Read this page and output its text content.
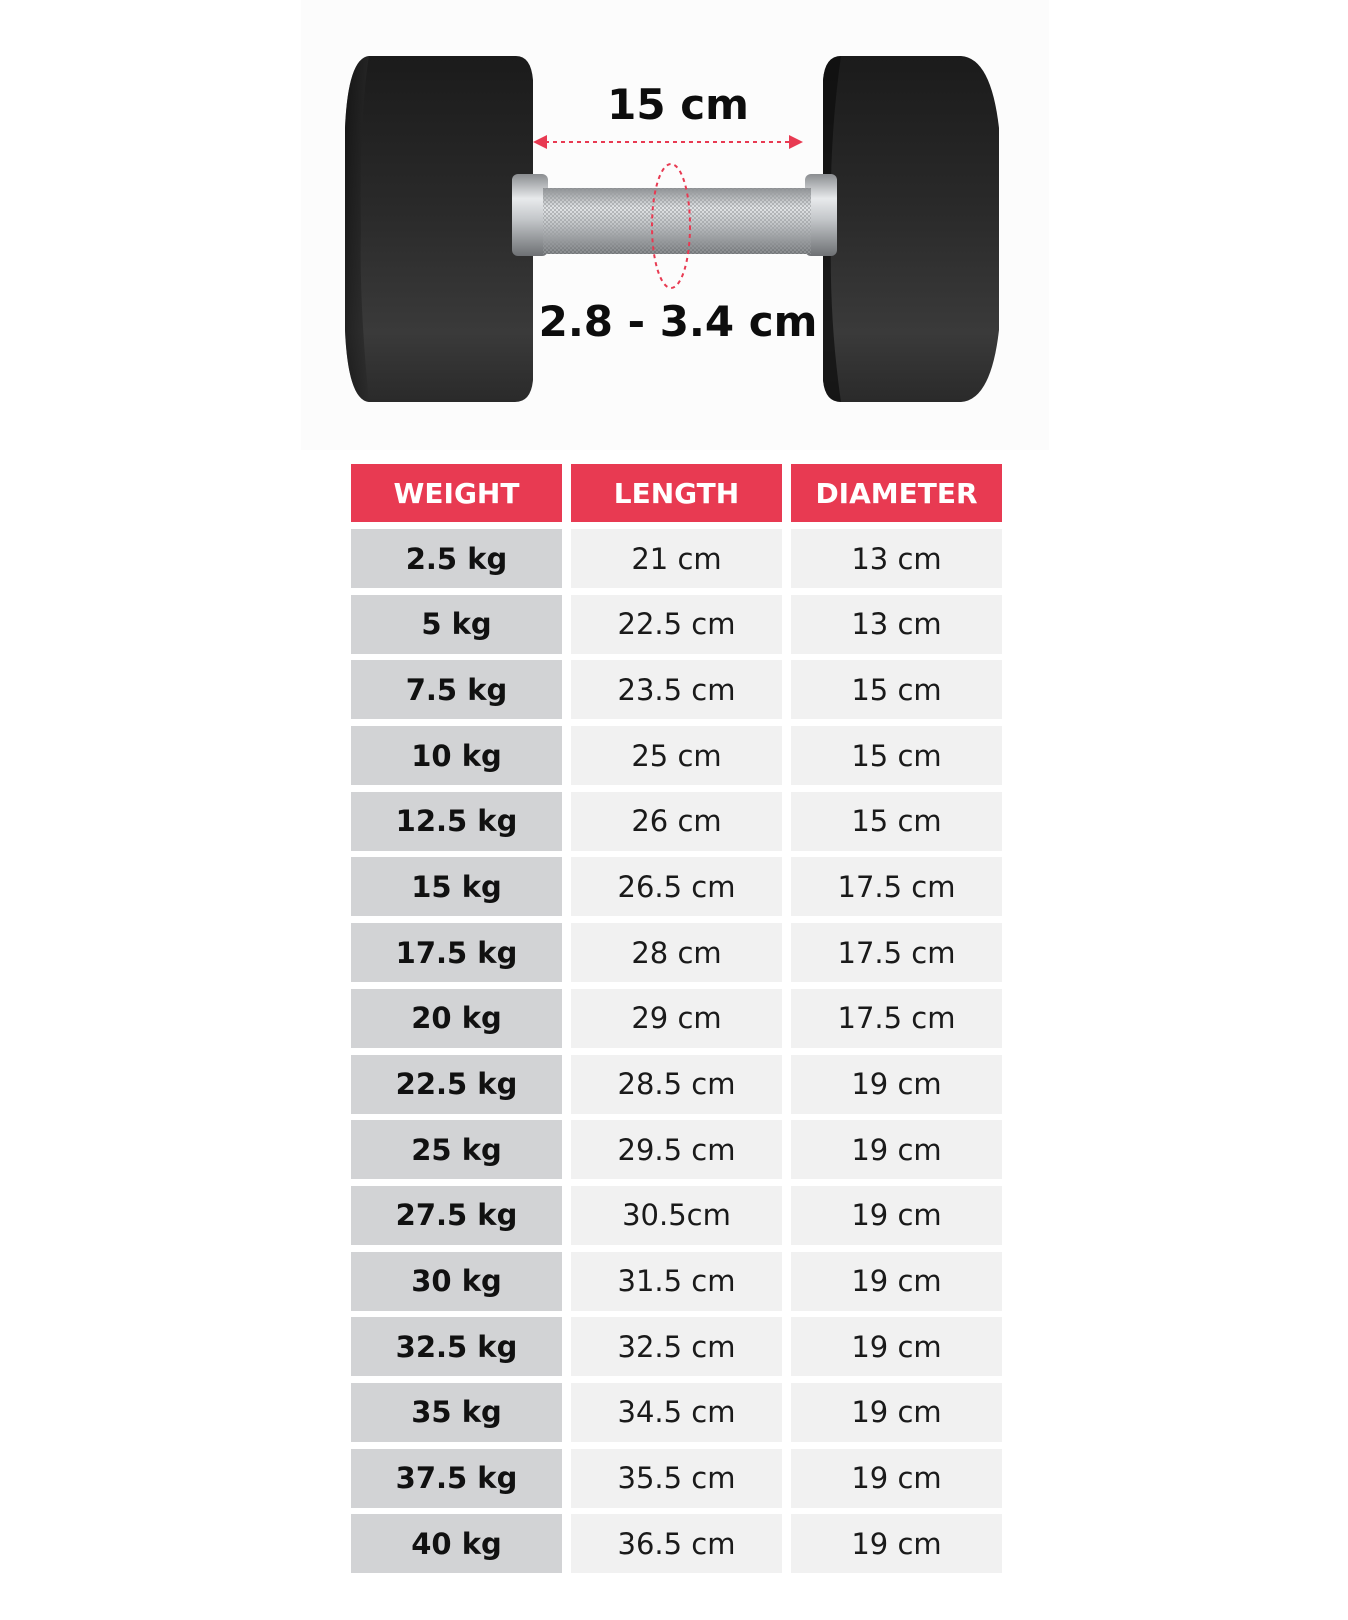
15 cm
2.8 - 3.4 cm
WEIGHT	LENGTH	DIAMETER
2.5 kg	21 cm	13 cm
5 kg	22.5 cm	13 cm
7.5 kg	23.5 cm	15 cm
10 kg	25 cm	15 cm
12.5 kg	26 cm	15 cm
15 kg	26.5 cm	17.5 cm
17.5 kg	28 cm	17.5 cm
20 kg	29 cm	17.5 cm
22.5 kg	28.5 cm	19 cm
25 kg	29.5 cm	19 cm
27.5 kg	30.5cm	19 cm
30 kg	31.5 cm	19 cm
32.5 kg	32.5 cm	19 cm
35 kg	34.5 cm	19 cm
37.5 kg	35.5 cm	19 cm
40 kg	36.5 cm	19 cm
